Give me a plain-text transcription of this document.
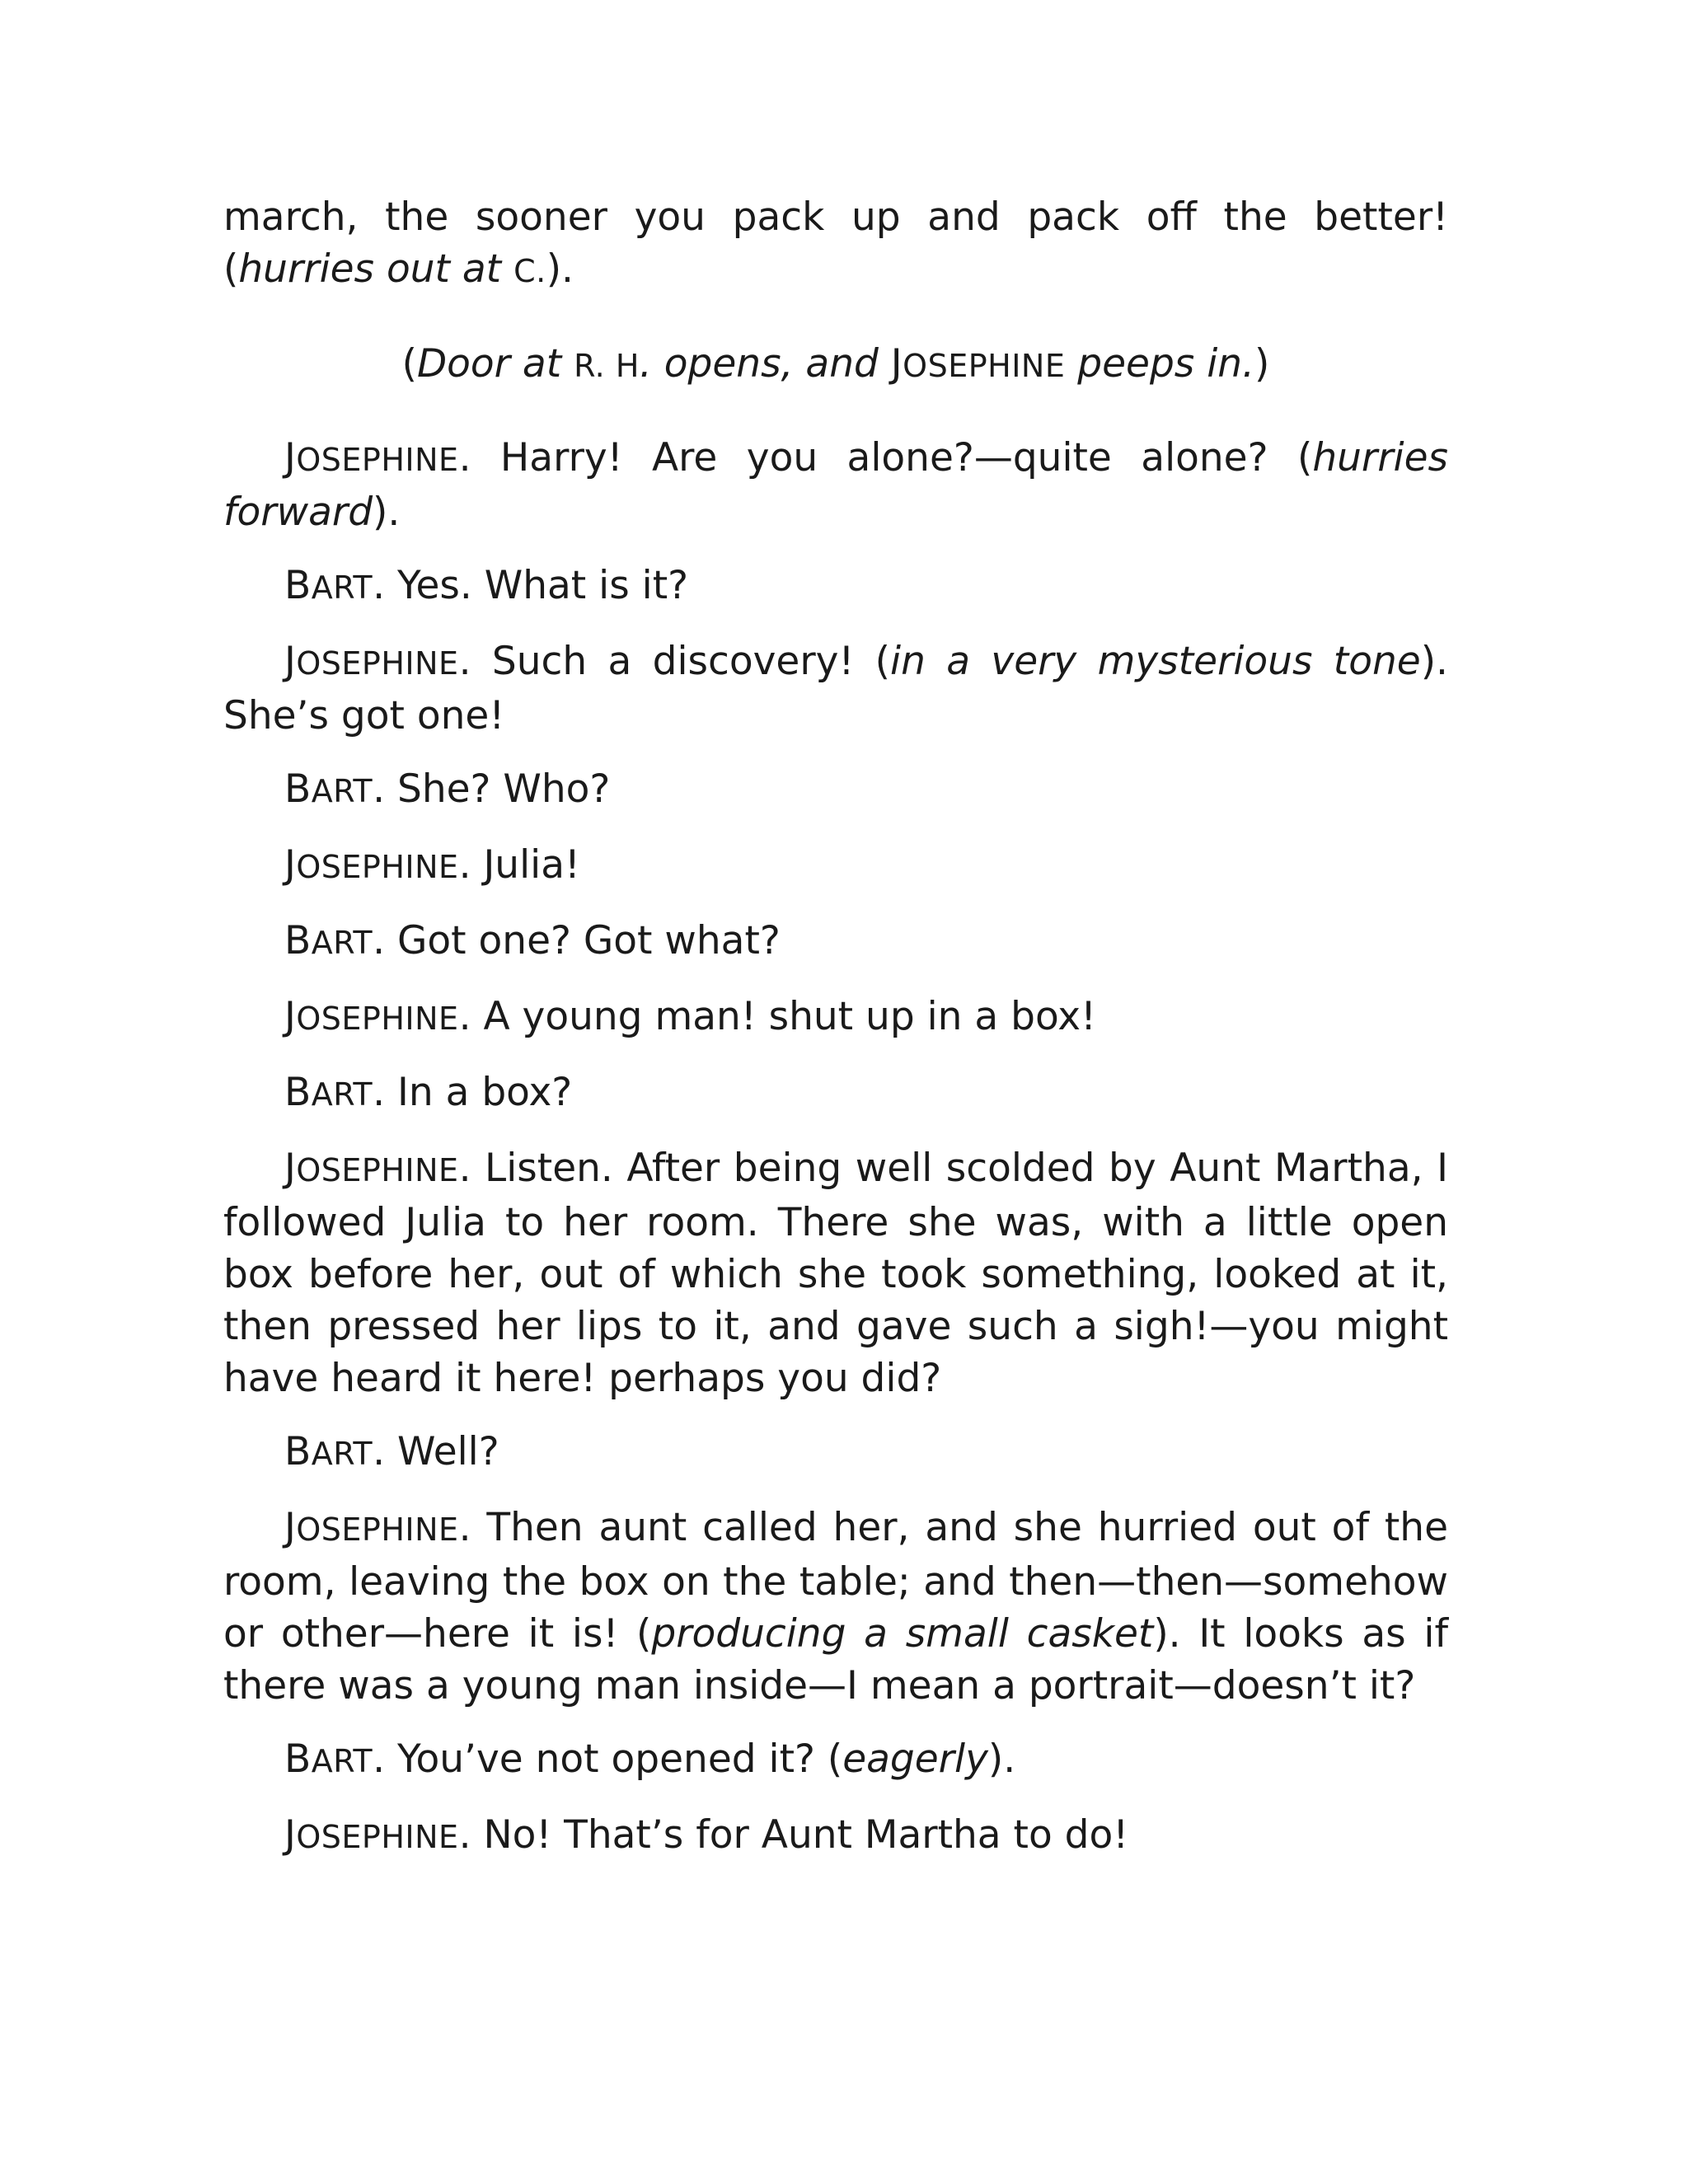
march, the sooner you pack up and pack off the better! (hurries out at C.).

(Door at R. H. opens, and JOSEPHINE peeps in.)

JOSEPHINE. Harry! Are you alone?—quite alone? (hurries forward).

BART. Yes. What is it?

JOSEPHINE. Such a discovery! (in a very mysterious tone). She’s got one!

BART. She? Who?

JOSEPHINE. Julia!

BART. Got one? Got what?

JOSEPHINE. A young man! shut up in a box!

BART. In a box?

JOSEPHINE. Listen. After being well scolded by Aunt Martha, I followed Julia to her room. There she was, with a little open box before her, out of which she took something, looked at it, then pressed her lips to it, and gave such a sigh!—you might have heard it here! perhaps you did?

BART. Well?

JOSEPHINE. Then aunt called her, and she hurried out of the room, leaving the box on the table; and then—then—somehow or other—here it is! (producing a small casket). It looks as if there was a young man inside—I mean a portrait—doesn’t it?

BART. You’ve not opened it? (eagerly).

JOSEPHINE. No! That’s for Aunt Martha to do!
